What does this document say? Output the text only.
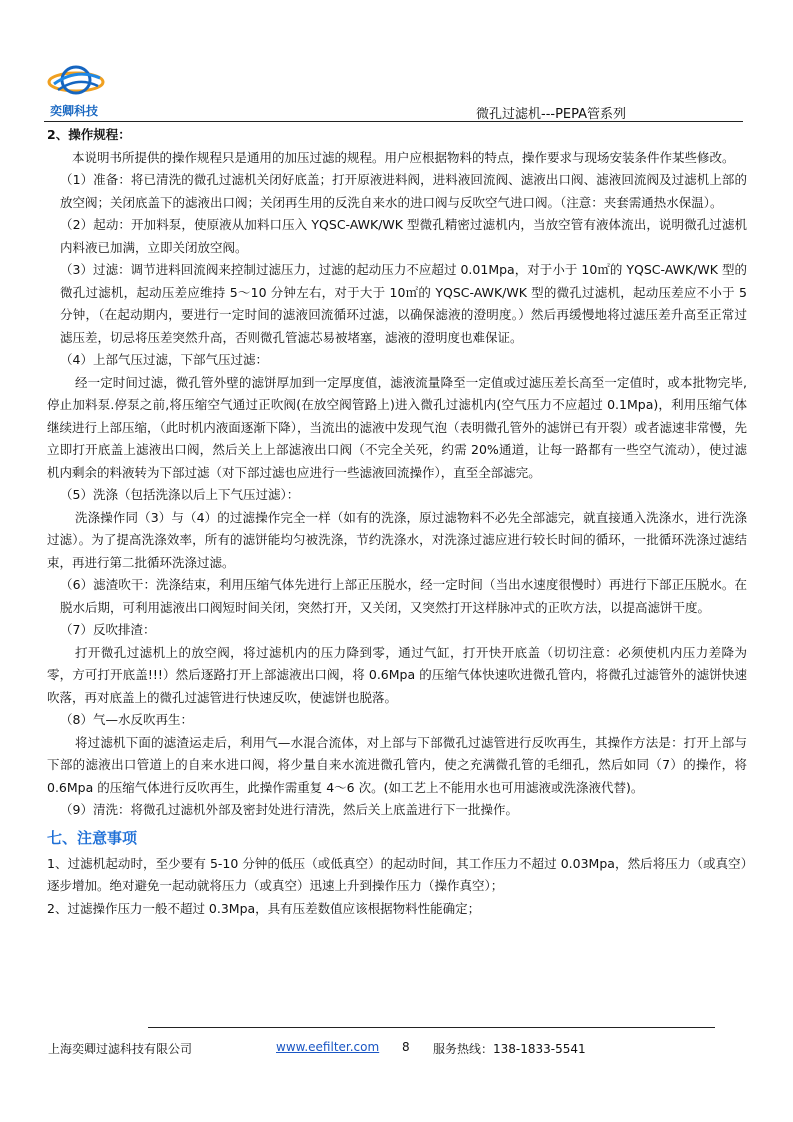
奕卿科技	微孔过滤机---PEPA管系列

2、操作规程：

本说明书所提供的操作规程只是通用的加压过滤的规程。用户应根据物料的特点，操作要求与现场安装条件作某些修改。

（1）准备：将已清洗的微孔过滤机关闭好底盖；打开原液进料阀，进料液回流阀、滤液出口阀、滤液回流阀及过滤机上部的放空阀；关闭底盖下的滤液出口阀；关闭再生用的反洗自来水的进口阀与反吹空气进口阀。（注意：夹套需通热水保温）。

（2）起动：开加料泵，使原液从加料口压入 YQSC-AWK/WK 型微孔精密过滤机内，当放空管有液体流出，说明微孔过滤机内料液已加满，立即关闭放空阀。

（3）过滤：调节进料回流阀来控制过滤压力，过滤的起动压力不应超过 0.01Mpa，对于小于 10㎡的 YQSC-AWK/WK 型的微孔过滤机，起动压差应维持 5～10 分钟左右，对于大于 10㎡的 YQSC-AWK/WK 型的微孔过滤机，起动压差应不小于 5 分钟，（在起动期内，要进行一定时间的滤液回流循环过滤，以确保滤液的澄明度。）然后再缓慢地将过滤压差升高至正常过滤压差，切忌将压差突然升高，否则微孔管滤芯易被堵塞，滤液的澄明度也难保证。

（4）上部气压过滤，下部气压过滤：

经一定时间过滤，微孔管外壁的滤饼厚加到一定厚度值，滤液流量降至一定值或过滤压差长高至一定值时，或本批物完毕,停止加料泵.停泵之前,将压缩空气通过正吹阀(在放空阀管路上)进入微孔过滤机内(空气压力不应超过 0.1Mpa)，利用压缩气体继续进行上部压缩，（此时机内液面逐渐下降），当流出的滤液中发现气泡（表明微孔管外的滤饼已有开裂）或者滤速非常慢，先立即打开底盖上滤液出口阀，然后关上上部滤液出口阀（不完全关死，约需 20%通道，让每一路都有一些空气流动），使过滤机内剩余的料液转为下部过滤（对下部过滤也应进行一些滤液回流操作），直至全部滤完。

（5）洗涤（包括洗涤以后上下气压过滤）：

洗涤操作同（3）与（4）的过滤操作完全一样（如有的洗涤，原过滤物料不必先全部滤完，就直接通入洗涤水，进行洗涤过滤）。为了提高洗涤效率，所有的滤饼能均匀被洗涤，节约洗涤水，对洗涤过滤应进行较长时间的循环，一批循环洗涤过滤结束，再进行第二批循环洗涤过滤。

（6）滤渣吹干：洗涤结束，利用压缩气体先进行上部正压脱水，经一定时间（当出水速度很慢时）再进行下部正压脱水。在脱水后期，可利用滤液出口阀短时间关闭，突然打开，又关闭，又突然打开这样脉冲式的正吹方法，以提高滤饼干度。

（7）反吹排渣：

打开微孔过滤机上的放空阀，将过滤机内的压力降到零，通过气缸，打开快开底盖（切切注意：必须使机内压力差降为零，方可打开底盖!!!）然后逐路打开上部滤液出口阀，将 0.6Mpa 的压缩气体快速吹进微孔管内，将微孔过滤管外的滤饼快速吹落，再对底盖上的微孔过滤管进行快速反吹，使滤饼也脱落。

（8）气—水反吹再生：

将过滤机下面的滤渣运走后，利用气—水混合流体，对上部与下部微孔过滤管进行反吹再生，其操作方法是：打开上部与下部的滤液出口管道上的自来水进口阀，将少量自来水流进微孔管内，使之充满微孔管的毛细孔，然后如同（7）的操作，将 0.6Mpa 的压缩气体进行反吹再生，此操作需重复 4～6 次。(如工艺上不能用水也可用滤液或洗涤液代替)。

（9）清洗：将微孔过滤机外部及密封处进行清洗，然后关上底盖进行下一批操作。

七、注意事项

1、过滤机起动时，至少要有 5-10 分钟的低压（或低真空）的起动时间，其工作压力不超过 0.03Mpa，然后将压力（或真空）逐步增加。绝对避免一起动就将压力（或真空）迅速上升到操作压力（操作真空）；

2、过滤操作压力一般不超过 0.3Mpa，具有压差数值应该根据物料性能确定；

上海奕卿过滤科技有限公司	www.eefilter.com 8 服务热线：138-1833-5541
